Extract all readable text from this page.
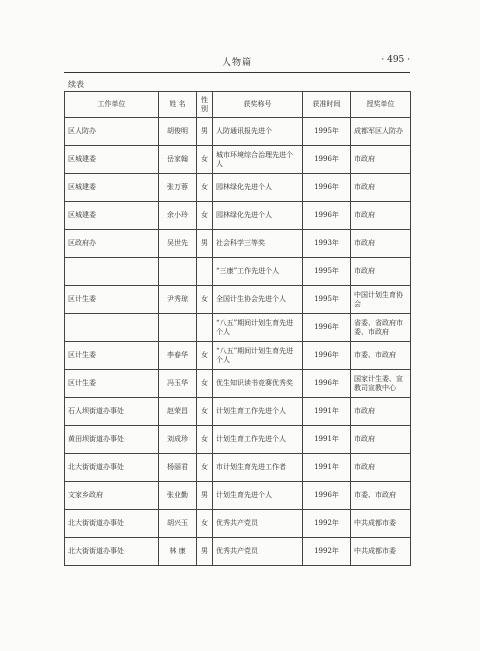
人物篇	· 495 ·
续表
工作单位	姓 名	性别	获奖称号	获准时间	授奖单位
区人防办	胡俊明	男	人防通讯报先进个	1995年	成都军区人防办
区城建委	岳家翰	女	城市环境综合治理先进个人	1996年	市政府
区城建委	张万蓉	女	园林绿化先进个人	1996年	市政府
区城建委	余小玲	女	园林绿化先进个人	1996年	市政府
区政府办	吴世先	男	社会科学三等奖	1993年	市政府
			“三康”工作先进个人	1995年	市政府
区计生委	尹秀琼	女	全国计生协会先进个人	1995年	中国计划生育协会
			“八五”期间计划生育先进个人	1996年	省委、省政府市委、市政府
区计生委	李春华	女	“八五”期间计划生育先进个人	1996年	市委、市政府
区计生委	冯玉华	女	优生知识读书竞赛优秀奖	1996年	国家计生委、宣教司宣教中心
石人坝街道办事处	赵荣昌	女	计划生育工作先进个人	1991年	市政府
黄田坝街道办事处	刘成珍	女	计划生育工作先进个人	1991年	市政府
北大街街道办事处	杨丽君	女	市计划生育先进工作者	1991年	市政府
文家乡政府	张业勤	男	计划生育先进个人	1996年	市委、市政府
北大街街道办事处	胡兴玉	女	优秀共产党员	1992年	中共成都市委
北大街街道办事处	林 康	男	优秀共产党员	1992年	中共成都市委
